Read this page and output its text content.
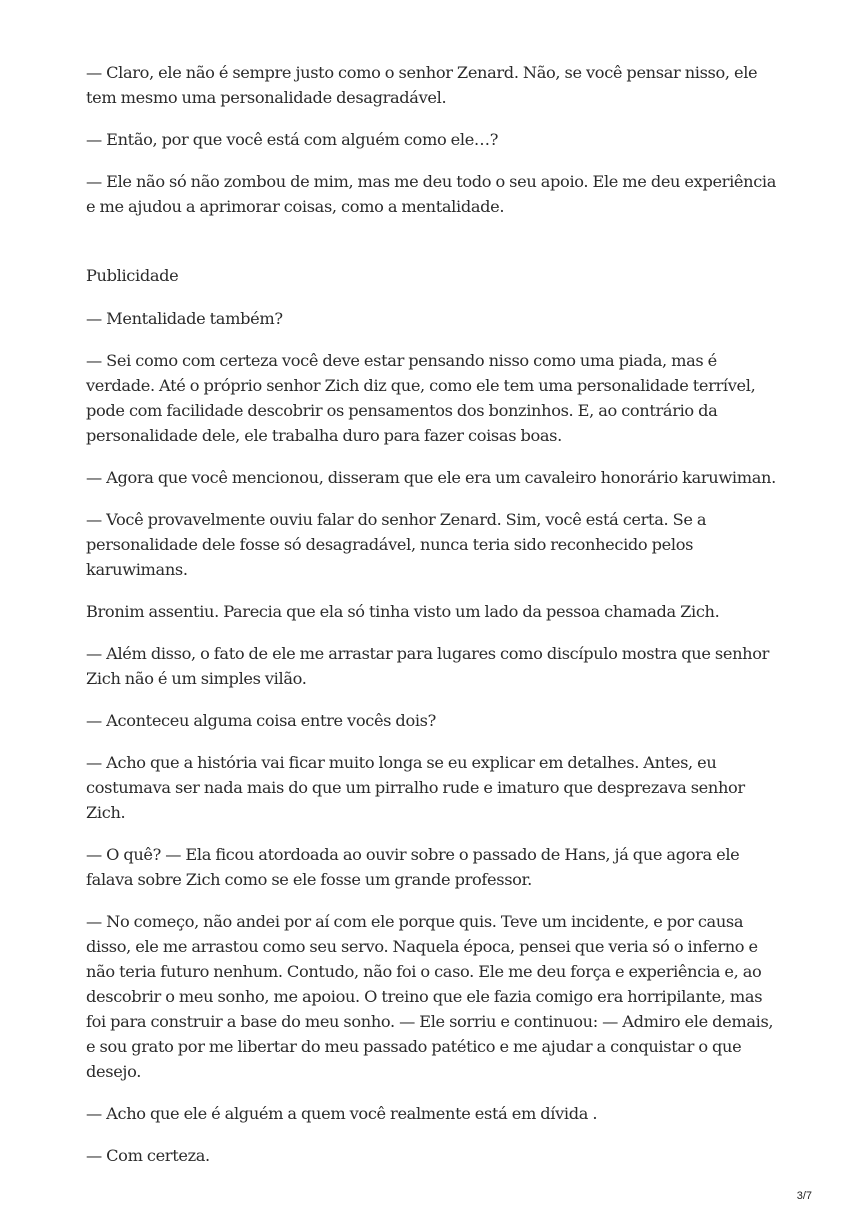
— Claro, ele não é sempre justo como o senhor Zenard. Não, se você pensar nisso, ele tem mesmo uma personalidade desagradável.

— Então, por que você está com alguém como ele…?

— Ele não só não zombou de mim, mas me deu todo o seu apoio. Ele me deu experiência e me ajudou a aprimorar coisas, como a mentalidade.

Publicidade

— Mentalidade também?

— Sei como com certeza você deve estar pensando nisso como uma piada, mas é verdade. Até o próprio senhor Zich diz que, como ele tem uma personalidade terrível, pode com facilidade descobrir os pensamentos dos bonzinhos. E, ao contrário da personalidade dele, ele trabalha duro para fazer coisas boas.

— Agora que você mencionou, disseram que ele era um cavaleiro honorário karuwiman.

— Você provavelmente ouviu falar do senhor Zenard. Sim, você está certa. Se a personalidade dele fosse só desagradável, nunca teria sido reconhecido pelos karuwimans.

Bronim assentiu. Parecia que ela só tinha visto um lado da pessoa chamada Zich.

— Além disso, o fato de ele me arrastar para lugares como discípulo mostra que senhor Zich não é um simples vilão.

— Aconteceu alguma coisa entre vocês dois?

— Acho que a história vai ficar muito longa se eu explicar em detalhes. Antes, eu costumava ser nada mais do que um pirralho rude e imaturo que desprezava senhor Zich.

— O quê? — Ela ficou atordoada ao ouvir sobre o passado de Hans, já que agora ele falava sobre Zich como se ele fosse um grande professor.

— No começo, não andei por aí com ele porque quis. Teve um incidente, e por causa disso, ele me arrastou como seu servo. Naquela época, pensei que veria só o inferno e não teria futuro nenhum. Contudo, não foi o caso. Ele me deu força e experiência e, ao descobrir o meu sonho, me apoiou. O treino que ele fazia comigo era horripilante, mas foi para construir a base do meu sonho. — Ele sorriu e continuou: — Admiro ele demais, e sou grato por me libertar do meu passado patético e me ajudar a conquistar o que desejo.

— Acho que ele é alguém a quem você realmente está em dívida .

— Com certeza.

3/7
